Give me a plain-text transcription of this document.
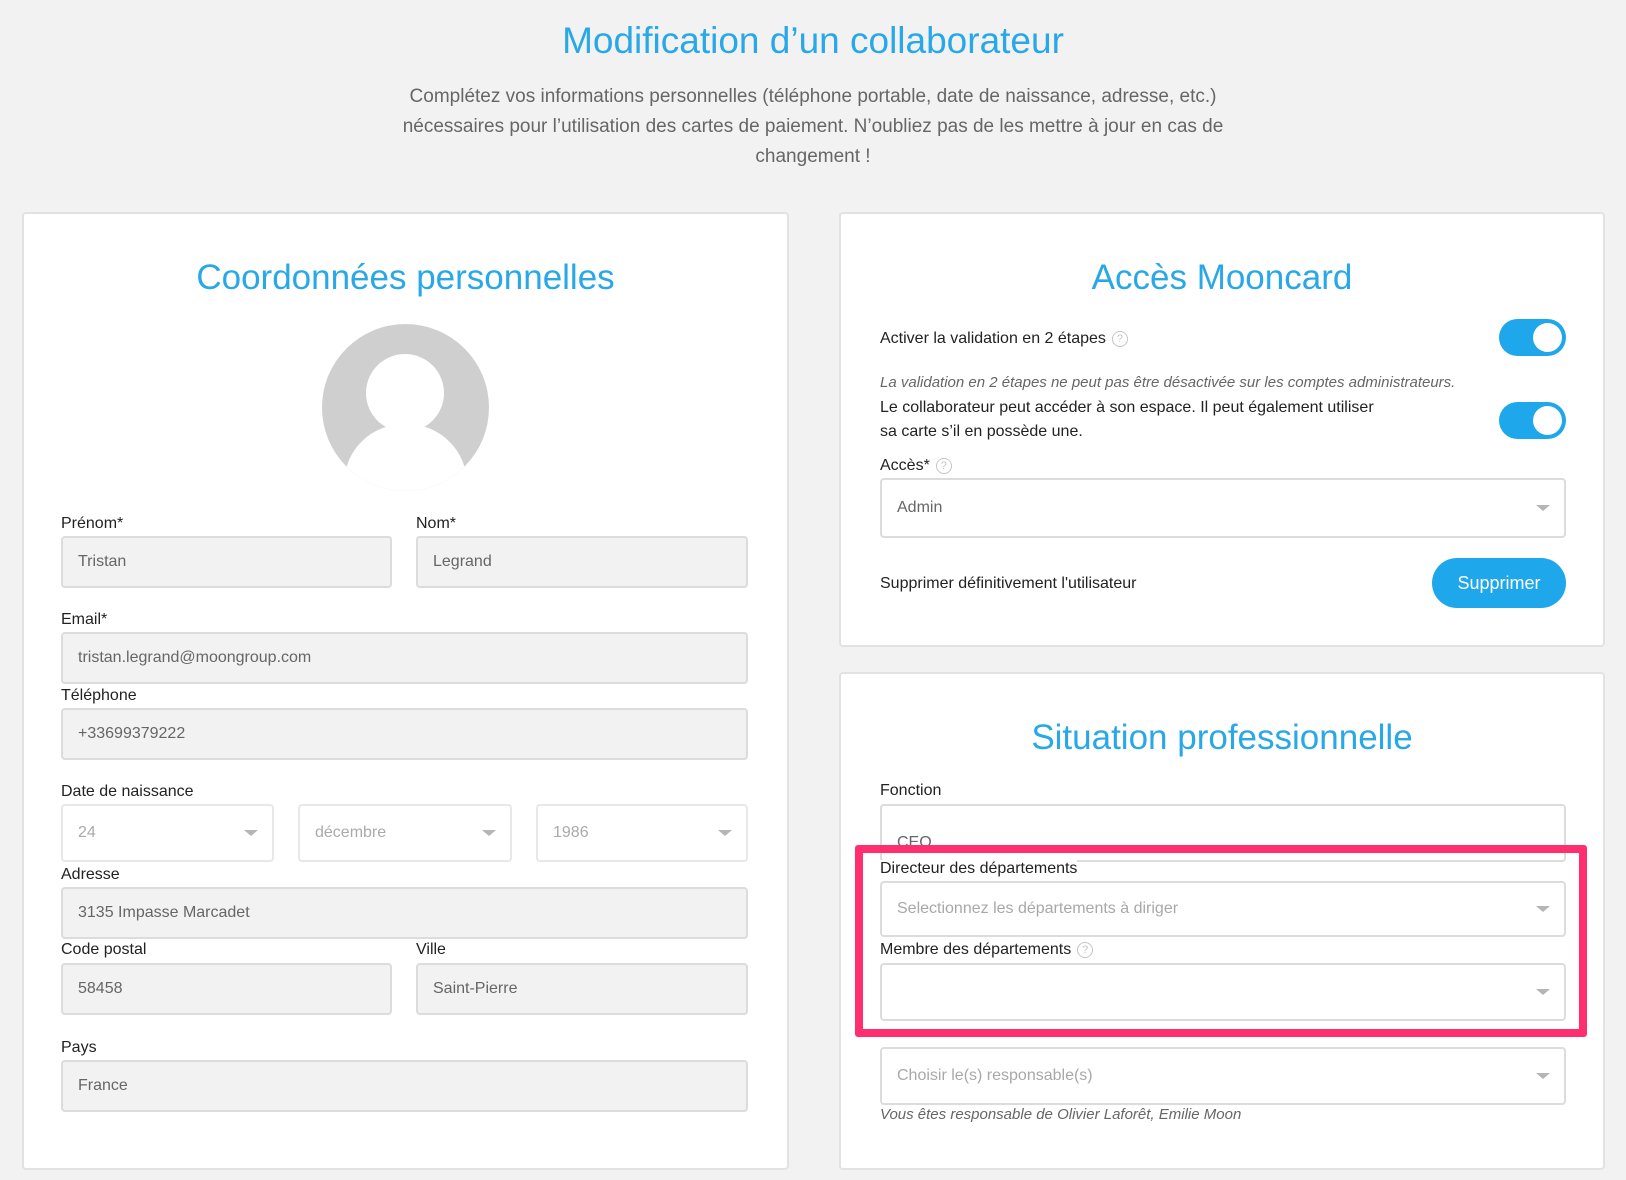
Modification d’un collaborateur

Complétez vos informations personnelles (téléphone portable, date de naissance, adresse, etc.) nécessaires pour l’utilisation des cartes de paiement. N’oubliez pas de les mettre à jour en cas de changement !

Coordonnées personnelles
Prénom*
Tristan
Nom*
Legrand
Email*
tristan.legrand@moongroup.com
Téléphone
+33699379222
Date de naissance
24	décembre	1986
Adresse
3135 Impasse Marcadet
Code postal
58458
Ville
Saint-Pierre
Pays
France
Accès Mooncard
Activer la validation en 2 étapes ?
La validation en 2 étapes ne peut pas être désactivée sur les comptes administrateurs.
Le collaborateur peut accéder à son espace. Il peut également utiliser
sa carte s’il en possède une.
Accès* ?
Admin
Supprimer définitivement l'utilisateur	Supprimer
Situation professionnelle
Fonction
CEO
Directeur des départements
Selectionnez les départements à diriger
Membre des départements ?
Choisir le(s) responsable(s)
Vous êtes responsable de Olivier Laforêt, Emilie Moon
